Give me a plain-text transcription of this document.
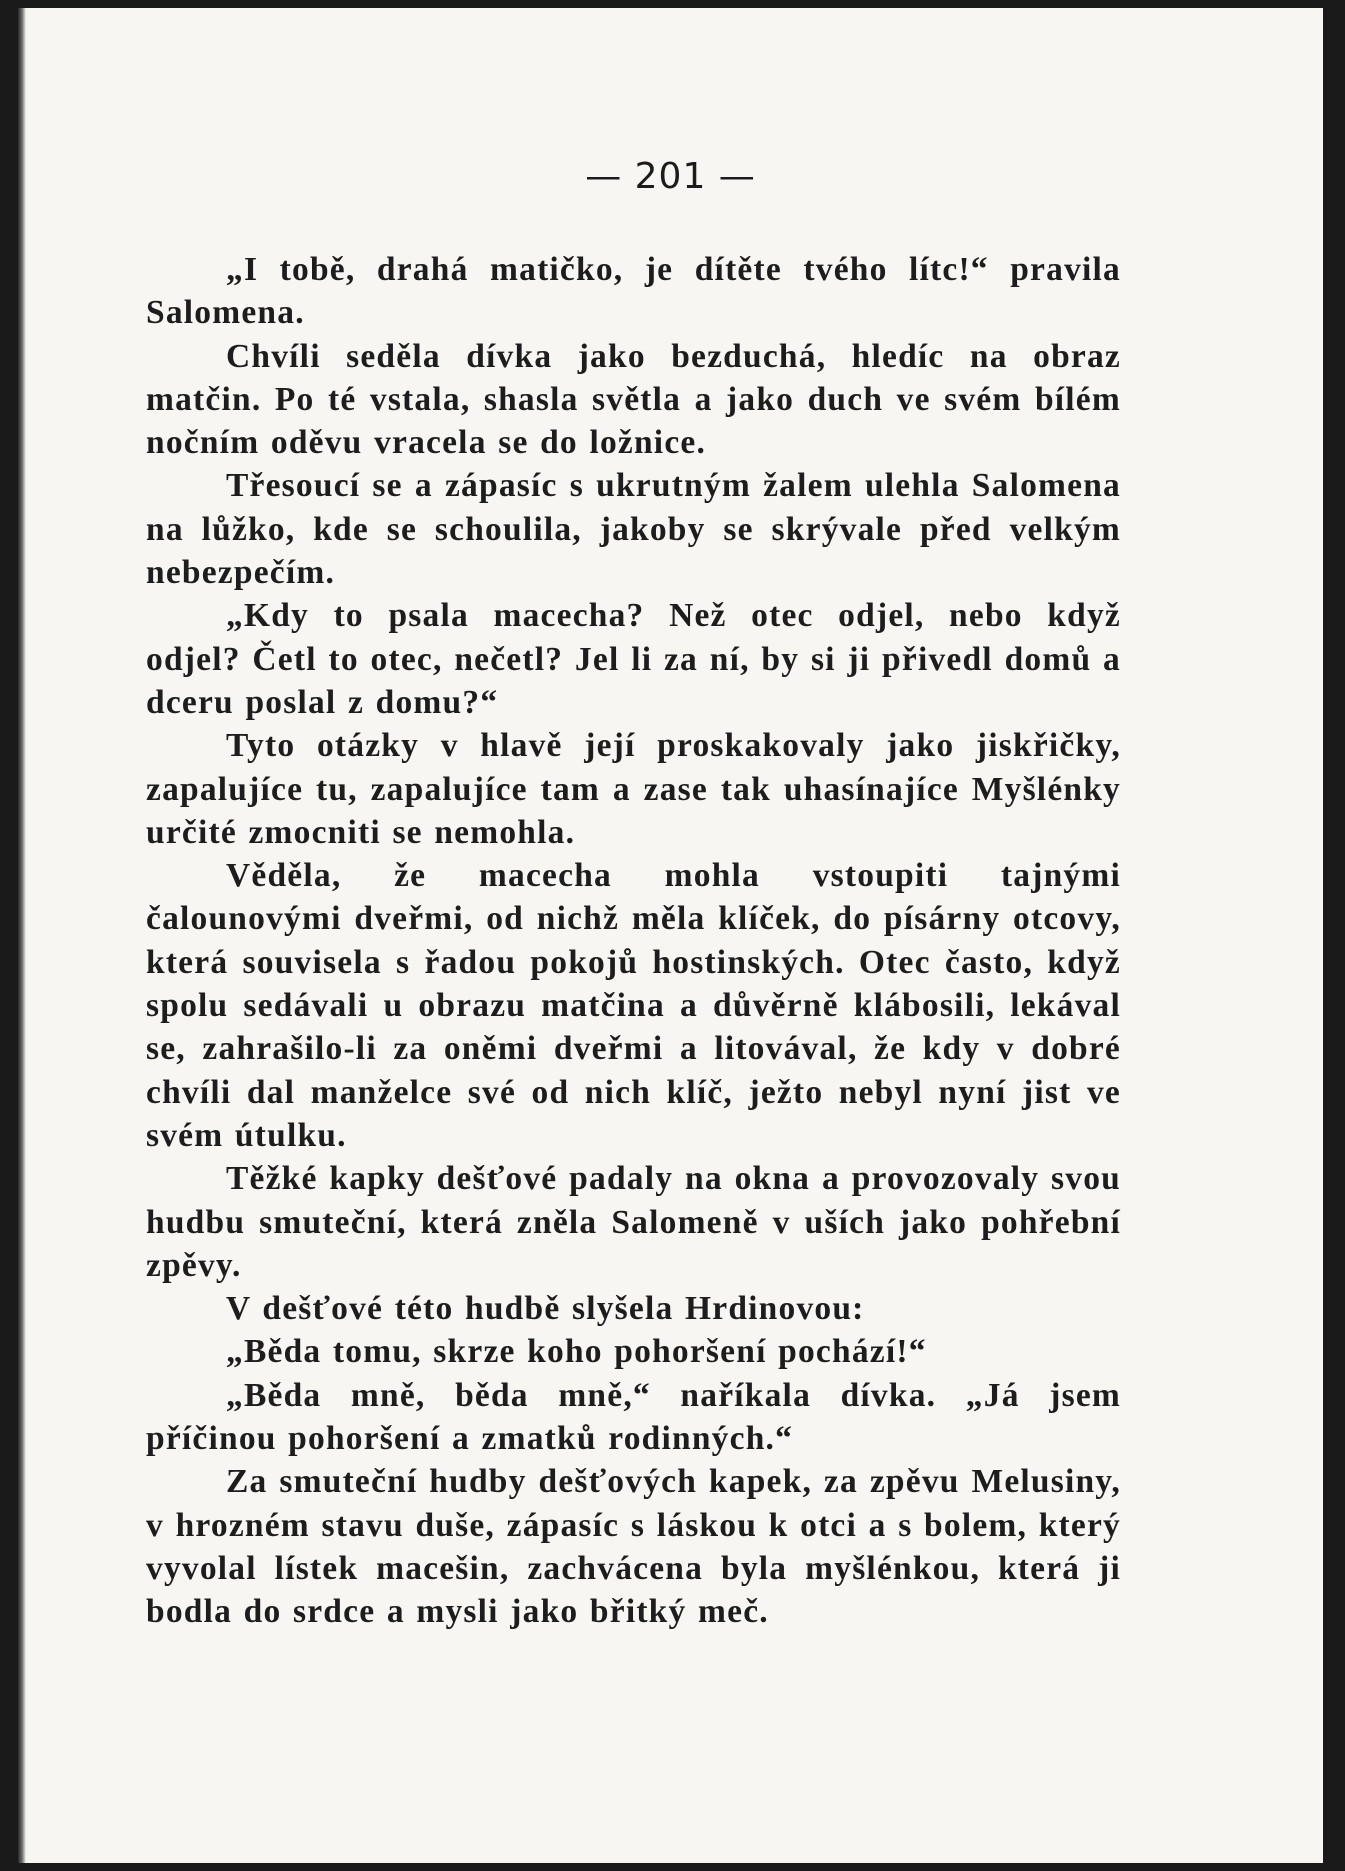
— 201 —

„I tobě, drahá matičko, je dítěte tvého lítc!“ pravila Salomena.

Chvíli seděla dívka jako bezduchá, hledíc na obraz matčin. Po té vstala, shasla světla a jako duch ve svém bílém nočním oděvu vracela se do ložnice.

Třesoucí se a zápasíc s ukrutným žalem ulehla Salomena na lůžko, kde se schoulila, jakoby se skrývale před velkým nebezpečím.

„Kdy to psala macecha? Než otec odjel, nebo když odjel? Četl to otec, nečetl? Jel li za ní, by si ji přivedl domů a dceru poslal z domu?“

Tyto otázky v hlavě její proskakovaly jako jiskřičky, zapalujíce tu, zapalujíce tam a zase tak uhasínajíce Myšlénky určité zmocniti se nemohla.

Věděla, že macecha mohla vstoupiti tajnými čalounovými dveřmi, od nichž měla klíček, do písárny otcovy, která souvisela s řadou pokojů hostinských. Otec často, když spolu sedávali u obrazu matčina a důvěrně klábosili, lekával se, zahrašilo-li za oněmi dveřmi a litovával, že kdy v dobré chvíli dal manželce své od nich klíč, ježto nebyl nyní jist ve svém útulku.

Těžké kapky dešťové padaly na okna a provozovaly svou hudbu smuteční, která zněla Salomeně v uších jako pohřební zpěvy.

V dešťové této hudbě slyšela Hrdinovou:

„Běda tomu, skrze koho pohoršení pochází!“

„Běda mně, běda mně,“ naříkala dívka. „Já jsem příčinou pohoršení a zmatků rodinných.“

Za smuteční hudby dešťových kapek, za zpěvu Melusiny, v hrozném stavu duše, zápasíc s láskou k otci a s bolem, který vyvolal lístek macešin, zachvácena byla myšlénkou, která ji bodla do srdce a mysli jako břitký meč.
